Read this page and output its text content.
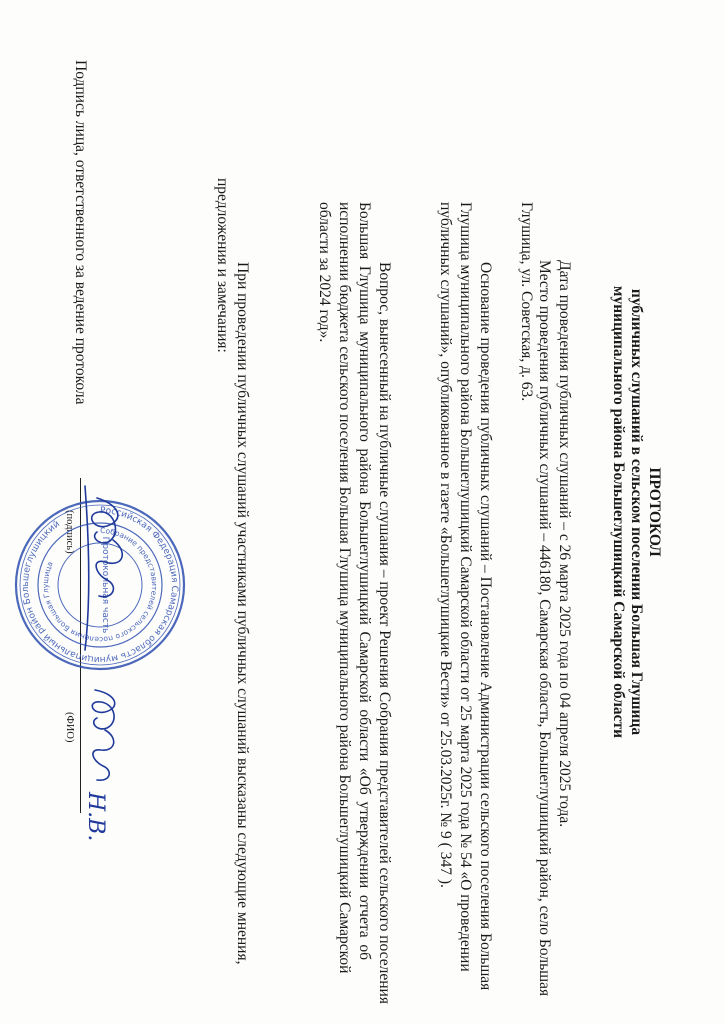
ПРОТОКОЛ
публичных слушаний в сельском поселении Большая Глушица
муниципального района Большеглушицкий Самарской области
Дата проведения публичных слушаний – с 26 марта 2025 года по 04 апреля 2025 года.
Место проведения публичных слушаний – 446180, Самарская область, Большеглушицкий район, село Большая
Глушица, ул. Советская, д. 63.
Основание проведения публичных слушаний – Постановление Администрации сельского поселения Большая
Глушица муниципального района Большеглушицкий Самарской области от 25 марта 2025 года № 54 «О проведении
публичных слушаний», опубликованное в газете «Большеглушицкие Вести» от 25.03.2025г. № 9 ( 347 ).
Вопрос, вынесенный на публичные слушания – проект Решения Собрания представителей сельского поселения
Большая Глушица муниципального района Большеглушицкий Самарской области «Об утверждении отчета об
исполнении бюджета сельского поселения Большая Глушица муниципального района Большеглушицкий Самарской
области за 2024 год».
При проведении публичных слушаний участниками публичных слушаний высказаны следующие мнения,
предложения и замечания:
Подпись лица, ответственного за ведение протокола
(подпись)
(ФИО)
Российская Федерация Самарская область муниципальный район Большеглушицкий	Собрание представителей сельского поселения Большая Глушица	Протокольная часть
Н.В.
